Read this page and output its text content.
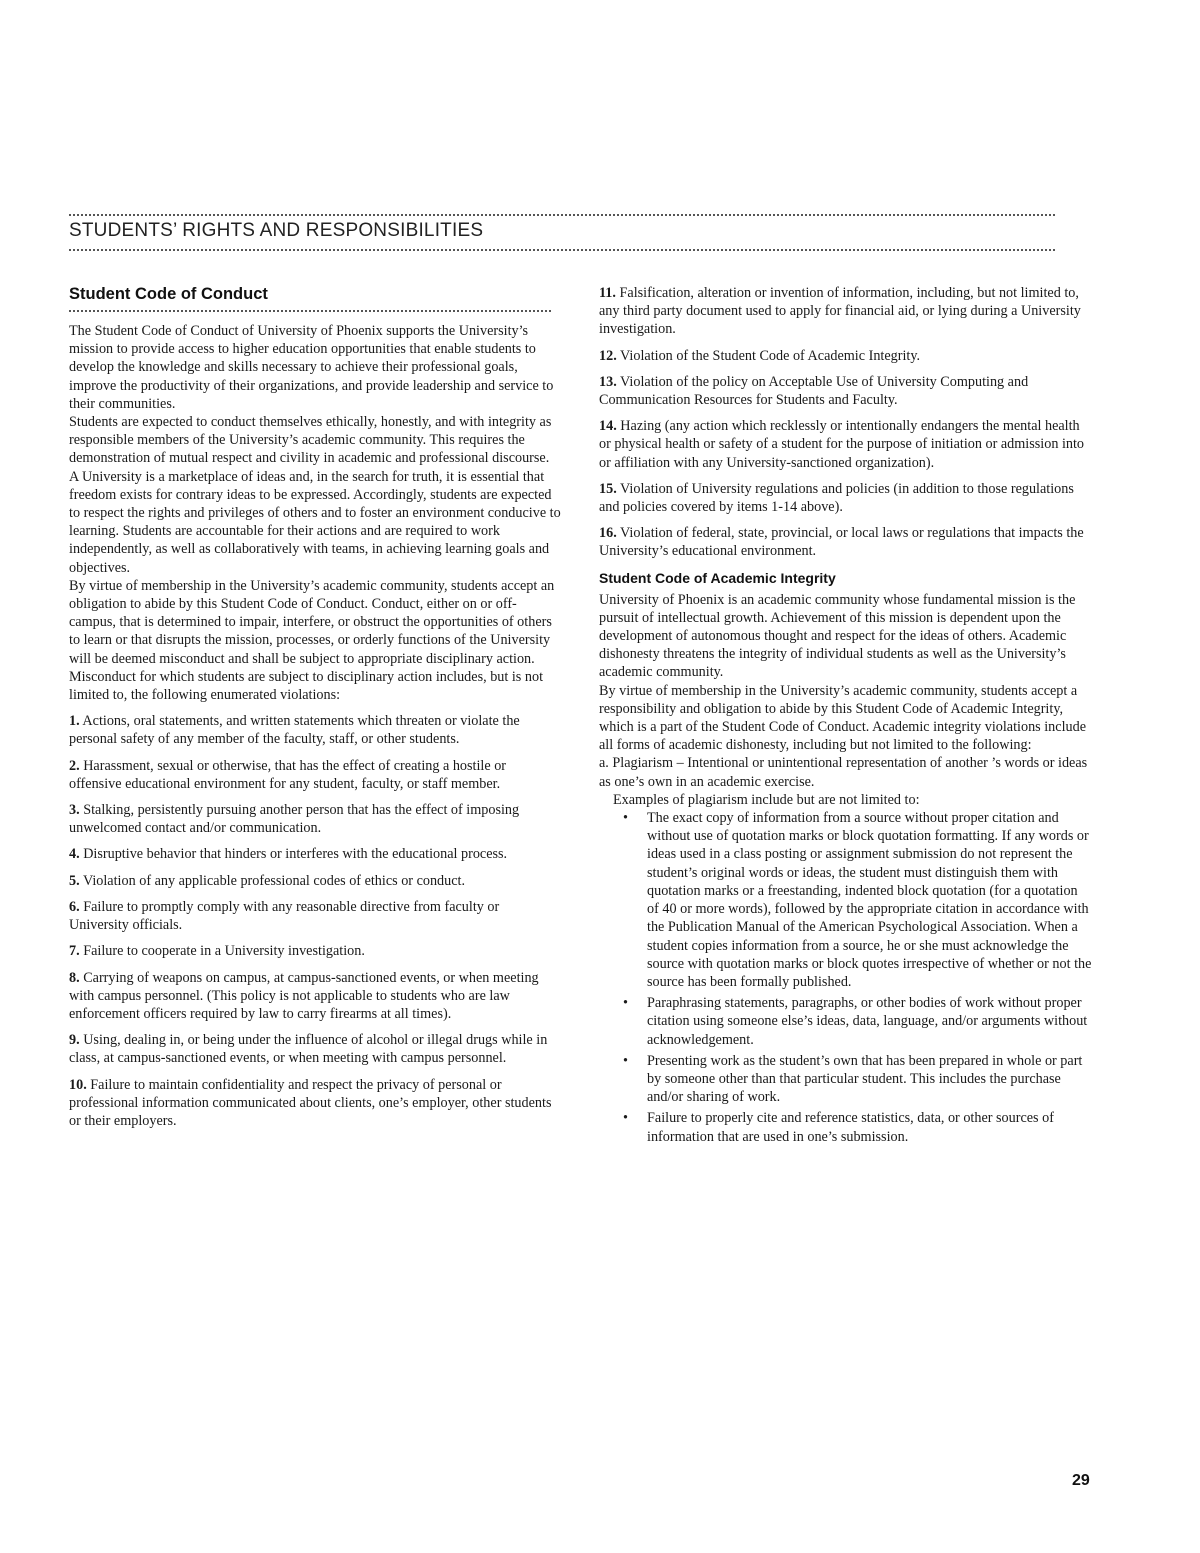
STUDENTS’ RIGHTS AND RESPONSIBILITIES
Student Code of Conduct

The Student Code of Conduct of University of Phoenix supports the University’s mission to provide access to higher education opportunities that enable students to develop the knowledge and skills necessary to achieve their professional goals, improve the productivity of their organizations, and provide leadership and service to their communities.

Students are expected to conduct themselves ethically, honestly, and with integrity as responsible members of the University’s academic community. This requires the demonstration of mutual respect and civility in academic and professional discourse.

A University is a marketplace of ideas and, in the search for truth, it is essential that freedom exists for contrary ideas to be expressed. Accordingly, students are expected to respect the rights and privileges of others and to foster an environment conducive to learning. Students are accountable for their actions and are required to work independently, as well as collaboratively with teams, in achieving learning goals and objectives.

By virtue of membership in the University’s academic community, students accept an obligation to abide by this Student Code of Conduct. Conduct, either on or off-campus, that is determined to impair, interfere, or obstruct the opportunities of others to learn or that disrupts the mission, processes, or orderly functions of the University will be deemed misconduct and shall be subject to appropriate disciplinary action.

Misconduct for which students are subject to disciplinary action includes, but is not limited to, the following enumerated violations:

1. Actions, oral statements, and written statements which threaten or violate the personal safety of any member of the faculty, staff, or other students.

2. Harassment, sexual or otherwise, that has the effect of creating a hostile or offensive educational environment for any student, faculty, or staff member.

3. Stalking, persistently pursuing another person that has the effect of imposing unwelcomed contact and/or communication.

4. Disruptive behavior that hinders or interferes with the educational process.

5. Violation of any applicable professional codes of ethics or conduct.

6. Failure to promptly comply with any reasonable directive from faculty or University officials.

7. Failure to cooperate in a University investigation.

8. Carrying of weapons on campus, at campus-sanctioned events, or when meeting with campus personnel. (This policy is not applicable to students who are law enforcement officers required by law to carry firearms at all times).

9. Using, dealing in, or being under the influence of alcohol or illegal drugs while in class, at campus-sanctioned events, or when meeting with campus personnel.

10. Failure to maintain confidentiality and respect the privacy of personal or professional information communicated about clients, one’s employer, other students or their employers.

11. Falsification, alteration or invention of information, including, but not limited to, any third party document used to apply for financial aid, or lying during a University investigation.

12. Violation of the Student Code of Academic Integrity.

13. Violation of the policy on Acceptable Use of University Computing and Communication Resources for Students and Faculty.

14. Hazing (any action which recklessly or intentionally endangers the mental health or physical health or safety of a student for the purpose of initiation or admission into or affiliation with any University-sanctioned organization).

15. Violation of University regulations and policies (in addition to those regulations and policies covered by items 1-14 above).

16. Violation of federal, state, provincial, or local laws or regulations that impacts the University’s educational environment.

Student Code of Academic Integrity

University of Phoenix is an academic community whose fundamental mission is the pursuit of intellectual growth. Achievement of this mission is dependent upon the development of autonomous thought and respect for the ideas of others. Academic dishonesty threatens the integrity of individual students as well as the University’s academic community.

By virtue of membership in the University’s academic community, students accept a responsibility and obligation to abide by this Student Code of Academic Integrity, which is a part of the Student Code of Conduct. Academic integrity violations include all forms of academic dishonesty, including but not limited to the following:

a. Plagiarism – Intentional or unintentional representation of another ’s words or ideas as one’s own in an academic exercise.

Examples of plagiarism include but are not limited to:

• The exact copy of information from a source without proper citation and without use of quotation marks or block quotation formatting. If any words or ideas used in a class posting or assignment submission do not represent the student’s original words or ideas, the student must distinguish them with quotation marks or a freestanding, indented block quotation (for a quotation of 40 or more words), followed by the appropriate citation in accordance with the Publication Manual of the American Psychological Association. When a student copies information from a source, he or she must acknowledge the source with quotation marks or block quotes irrespective of whether or not the source has been formally published.
• Paraphrasing statements, paragraphs, or other bodies of work without proper citation using someone else’s ideas, data, language, and/or arguments without acknowledgement.
• Presenting work as the student’s own that has been prepared in whole or part by someone other than that particular student. This includes the purchase and/or sharing of work.
• Failure to properly cite and reference statistics, data, or other sources of information that are used in one’s submission.
29
